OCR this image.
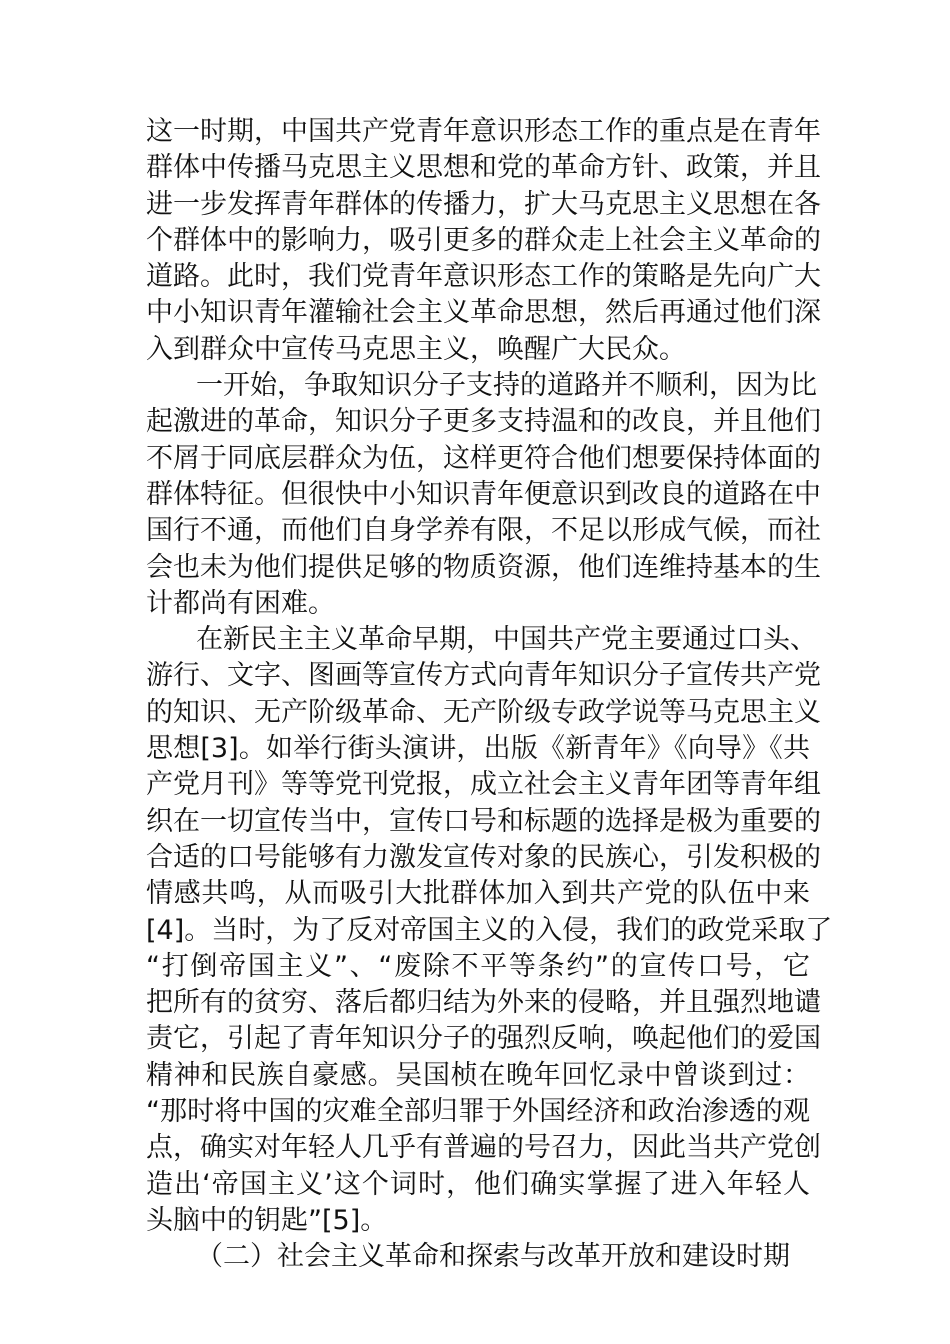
这一时期，中国共产党青年意识形态工作的重点是在青年
群体中传播马克思主义思想和党的革命方针、政策，并且
进一步发挥青年群体的传播力，扩大马克思主义思想在各
个群体中的影响力，吸引更多的群众走上社会主义革命的
道路。此时，我们党青年意识形态工作的策略是先向广大
中小知识青年灌输社会主义革命思想，然后再通过他们深
入到群众中宣传马克思主义，唤醒广大民众。
一开始，争取知识分子支持的道路并不顺利，因为比
起激进的革命，知识分子更多支持温和的改良，并且他们
不屑于同底层群众为伍，这样更符合他们想要保持体面的
群体特征。但很快中小知识青年便意识到改良的道路在中
国行不通，而他们自身学养有限，不足以形成气候，而社
会也未为他们提供足够的物质资源，他们连维持基本的生
计都尚有困难。
在新民主主义革命早期，中国共产党主要通过口头、
游行、文字、图画等宣传方式向青年知识分子宣传共产党
的知识、无产阶级革命、无产阶级专政学说等马克思主义
思想[3]。如举行街头演讲，出版《新青年》《向导》《共
产党月刊》等等党刊党报，成立社会主义青年团等青年组
织在一切宣传当中，宣传口号和标题的选择是极为重要的
合适的口号能够有力激发宣传对象的民族心，引发积极的
情感共鸣，从而吸引大批群体加入到共产党的队伍中来
[4]。当时，为了反对帝国主义的入侵，我们的政党采取了
“打倒帝国主义”、“废除不平等条约”的宣传口号，它
把所有的贫穷、落后都归结为外来的侵略，并且强烈地谴
责它，引起了青年知识分子的强烈反响，唤起他们的爱国
精神和民族自豪感。吴国桢在晚年回忆录中曾谈到过：
“那时将中国的灾难全部归罪于外国经济和政治渗透的观
点，确实对年轻人几乎有普遍的号召力，因此当共产党创
造出‘帝国主义’这个词时，他们确实掌握了进入年轻人
头脑中的钥匙”[5]。
（二）社会主义革命和探索与改革开放和建设时期
